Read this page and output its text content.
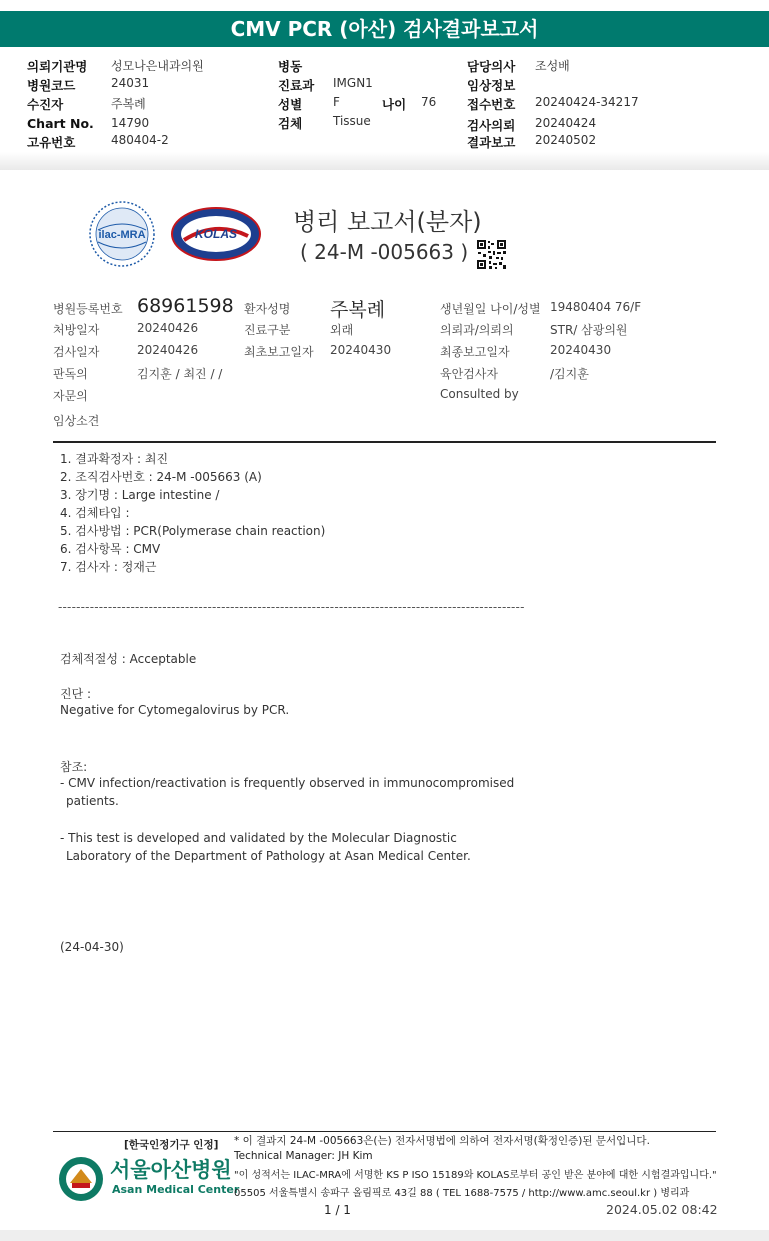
CMV PCR (아산) 검사결과보고서
의뢰기관명 성모나은내과의원
병원코드	24031
수진자	주복례
Chart No. 14790
고유번호	480404-2
병동
진료과 IMGN1
성별	F	나이 76
검체	Tissue
담당의사 조성배
임상정보
접수번호 20240424-34217
검사의뢰 20240424
결과보고 20240502
ilac-MRA	KOLAS 병리 보고서(분자)
( 24-M -005663 )
병원등록번호 68961598 환자성명 주복례	생년월일 나이/성별 19480404 76/F
처방일자	20240426	진료구분	외래	의뢰과/의뢰의	STR/ 삼광의원
검사일자	20240426	최초보고일자 20240430	최종보고일자	20240430
판독의	김지훈 / 최진 / /	육안검사자	/김지훈
자문의	Consulted by
임상소견
1. 결과확정자 : 최진
2. 조직검사번호 : 24-M -005663 (A)
3. 장기명 : Large intestine /
4. 검체타입 :
5. 검사방법 : PCR(Polymerase chain reaction)
6. 검사항목 : CMV
7. 검사자 : 정재근
-------------------------------------------------------------------------------------------------------
검체적절성 : Acceptable
진단 :
Negative for Cytomegalovirus by PCR.
참조:
- CMV infection/reactivation is frequently observed in immunocompromised
patients.
- This test is developed and validated by the Molecular Diagnostic
Laboratory of the Department of Pathology at Asan Medical Center.
(24-04-30)
[한국인정기구 인정]
서울아산병원
Asan Medical Center
* 이 결과지 24-M -005663은(는) 전자서명법에 의하여 전자서명(확정인증)된 문서입니다.
Technical Manager: JH Kim
"이 성적서는 ILAC-MRA에 서명한 KS P ISO 15189와 KOLAS로부터 공인 받은 분야에 대한 시험결과입니다."
05505 서울특별시 송파구 올림픽로 43길 88 ( TEL 1688-7575 / http://www.amc.seoul.kr ) 병리과
1 / 1	2024.05.02 08:42
